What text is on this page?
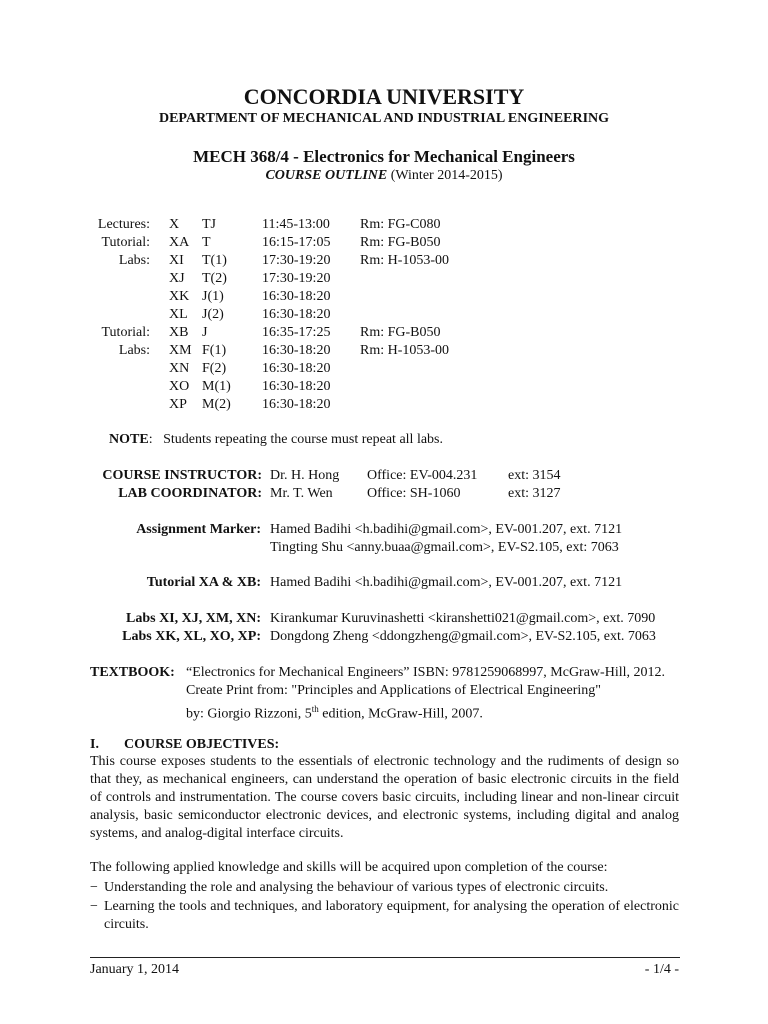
CONCORDIA UNIVERSITY
DEPARTMENT OF MECHANICAL AND INDUSTRIAL ENGINEERING
MECH 368/4 - Electronics for Mechanical Engineers
COURSE OUTLINE (Winter 2014-2015)
Lectures: X TJ	11:45-13:00 Rm: FG-C080
Tutorial: XA T	16:15-17:05 Rm: FG-B050
Labs: XI T(1)	17:30-19:20 Rm: H-1053-00
XJ T(2)	17:30-19:20
XK J(1)	16:30-18:20
XL J(2)	16:30-18:20
Tutorial: XB J	16:35-17:25 Rm: FG-B050
Labs: XM F(1)	16:30-18:20 Rm: H-1053-00
XN F(2)	16:30-18:20
XO M(1) 16:30-18:20
XP M(2) 16:30-18:20
NOTE:   Students repeating the course must repeat all labs.
COURSE INSTRUCTOR: Dr. H. Hong Office: EV-004.231 ext: 3154
LAB COORDINATOR: Mr. T. Wen Office: SH-1060	ext: 3127
Assignment Marker: Hamed Badihi <h.badihi@gmail.com>, EV-001.207, ext. 7121
Tingting Shu <anny.buaa@gmail.com>, EV-S2.105, ext: 7063
Tutorial XA & XB: Hamed Badihi <h.badihi@gmail.com>, EV-001.207, ext. 7121
Labs XI, XJ, XM, XN: Kirankumar Kuruvinashetti <kiranshetti021@gmail.com>, ext. 7090
Labs XK, XL, XO, XP: Dongdong Zheng <ddongzheng@gmail.com>, EV-S2.105, ext. 7063
TEXTBOOK: “Electronics for Mechanical Engineers” ISBN: 9781259068997, McGraw-Hill, 2012.
Create Print from: "Principles and Applications of Electrical Engineering"
by: Giorgio Rizzoni, 5th edition, McGraw-Hill, 2007.
I. COURSE OBJECTIVES:
This course exposes students to the essentials of electronic technology and the rudiments of design so that they, as mechanical engineers, can understand the operation of basic electronic circuits in the field of controls and instrumentation. The course covers basic circuits, including linear and non-linear circuit analysis, basic semiconductor electronic devices, and electronic systems, including digital and analog systems, and analog-digital interface circuits.
The following applied knowledge and skills will be acquired upon completion of the course:
− Understanding the role and analysing the behaviour of various types of electronic circuits.
− Learning the tools and techniques, and laboratory equipment, for analysing the operation of electronic circuits.
January 1, 2014	- 1/4 -
